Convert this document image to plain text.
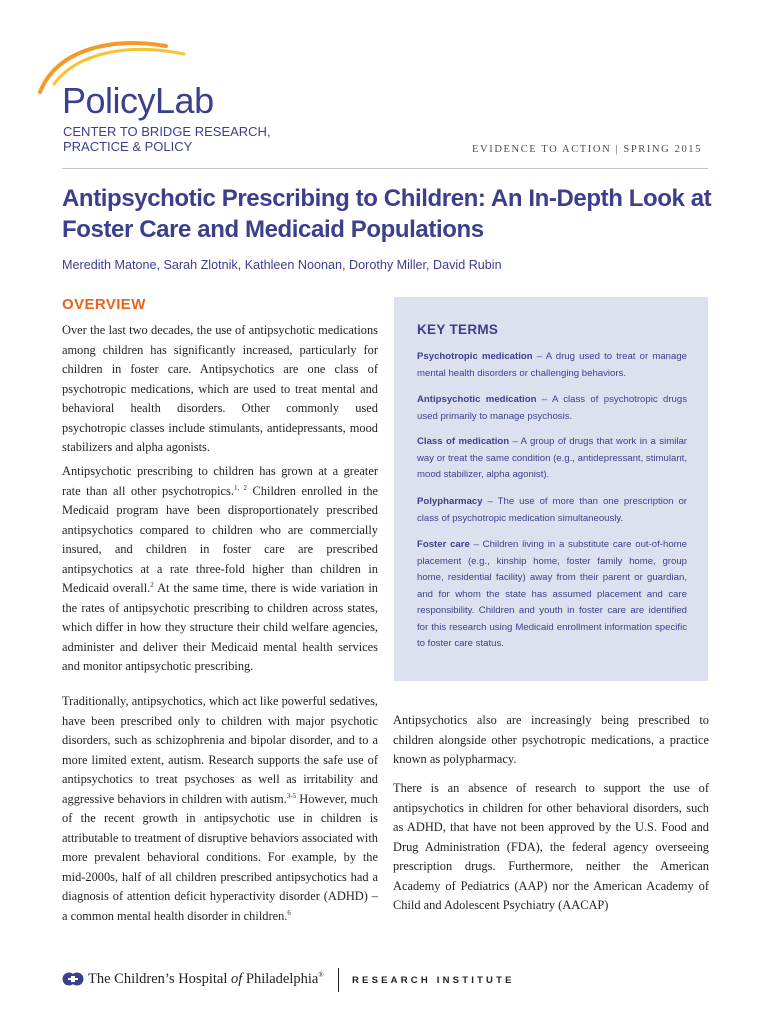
PolicyLab
CENTER TO BRIDGE RESEARCH,
PRACTICE & POLICY	EVIDENCE TO ACTION | SPRING 2015
Antipsychotic Prescribing to Children: An In-Depth Look at
Foster Care and Medicaid Populations
Meredith Matone, Sarah Zlotnik, Kathleen Noonan, Dorothy Miller, David Rubin
OVERVIEW

Over the last two decades, the use of antipsychotic medications among children has significantly increased, particularly for children in foster care. Antipsychotics are one class of psychotropic medications, which are used to treat mental and behavioral health disorders. Other commonly used psychotropic classes include stimulants, antidepressants, mood stabilizers and alpha agonists.

Antipsychotic prescribing to children has grown at a greater rate than all other psychotropics.$^{1, 2}$ Children enrolled in the Medicaid program have been disproportionately prescribed antipsychotics compared to children who are commercially insured, and children in foster care are prescribed antipsychotics at a rate three-fold higher than children in Medicaid overall.$^2$ At the same time, there is wide variation in the rates of antipsychotic prescribing to children across states, which differ in how they structure their child welfare agencies, administer and deliver their Medicaid mental health services and monitor antipsychotic prescribing.

Traditionally, antipsychotics, which act like powerful sedatives, have been prescribed only to children with major psychotic disorders, such as schizophrenia and bipolar disorder, and to a more limited extent, autism. Research supports the safe use of antipsychotics to treat psychoses as well as irritability and aggressive behaviors in children with autism.$^{3-5}$ However, much of the recent growth in antipsychotic use in children is attributable to treatment of disruptive behaviors associated with more prevalent behavioral conditions. For example, by the mid-2000s, half of all children prescribed antipsychotics had a diagnosis of attention deficit hyperactivity disorder (ADHD) – a common mental health disorder in children.$^6$

KEY TERMS
Psychotropic medication – A drug used to treat or manage mental health disorders or challenging behaviors.
Antipsychotic medication – A class of psychotropic drugs used primarily to manage psychosis.
Class of medication – A group of drugs that work in a similar way or treat the same condition (e.g., antidepressant, stimulant, mood stabilizer, alpha agonist).
Polypharmacy – The use of more than one prescription or class of psychotropic medication simultaneously.
Foster care – Children living in a substitute care out-of-home placement (e.g., kinship home, foster family home, group home, residential facility) away from their parent or guardian, and for whom the state has assumed placement and care responsibility. Children and youth in foster care are identified for this research using Medicaid enrollment information specific to foster care status.

Antipsychotics also are increasingly being prescribed to children alongside other psychotropic medications, a practice known as polypharmacy.

There is an absence of research to support the use of antipsychotics in children for other behavioral disorders, such as ADHD, that have not been approved by the U.S. Food and Drug Administration (FDA), the federal agency overseeing prescription drugs. Furthermore, neither the American Academy of Pediatrics (AAP) nor the American Academy of Child and Adolescent Psychiatry (AACAP)

The Children’s Hospital of Philadelphia®	RESEARCH INSTITUTE
